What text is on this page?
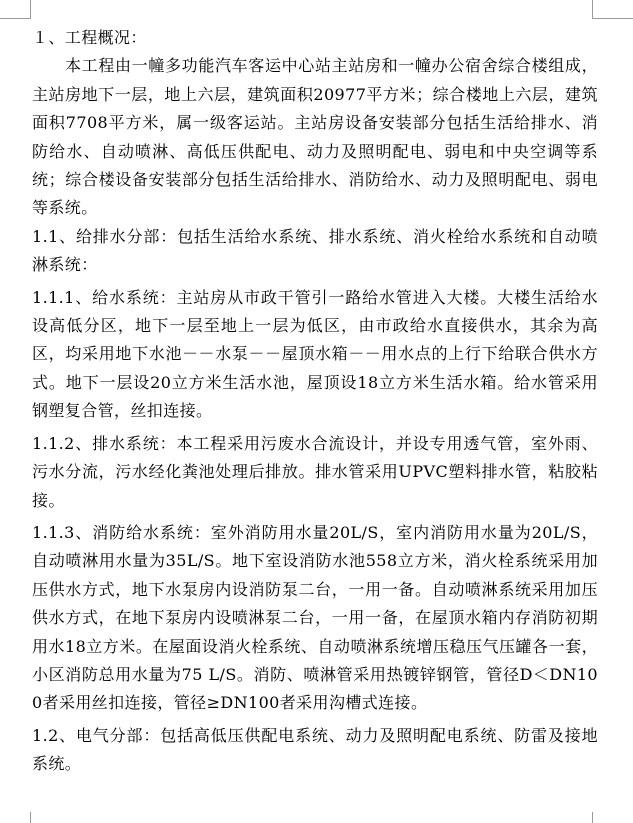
１、工程概况：

本工程由一幢多功能汽车客运中心站主站房和一幢办公宿舍综合楼组成，主站房地下一层，地上六层，建筑面积20977平方米；综合楼地上六层，建筑面积7708平方米，属一级客运站。主站房设备安装部分包括生活给排水、消防给水、自动喷淋、高低压供配电、动力及照明配电、弱电和中央空调等系统；综合楼设备安装部分包括生活给排水、消防给水、动力及照明配电、弱电等系统。

1.1、给排水分部：包括生活给水系统、排水系统、消火栓给水系统和自动喷淋系统：

1.1.1、给水系统：主站房从市政干管引一路给水管进入大楼。大楼生活给水设高低分区，地下一层至地上一层为低区，由市政给水直接供水，其余为高区，均采用地下水池－－水泵－－屋顶水箱－－用水点的上行下给联合供水方式。地下一层设20立方米生活水池，屋顶设18立方米生活水箱。给水管采用钢塑复合管，丝扣连接。

1.1.2、排水系统：本工程采用污废水合流设计，并设专用透气管，室外雨、污水分流，污水经化粪池处理后排放。排水管采用UPVC塑料排水管，粘胶粘接。

1.1.3、消防给水系统：室外消防用水量20L/S，室内消防用水量为20L/S，自动喷淋用水量为35L/S。地下室设消防水池558立方米，消火栓系统采用加压供水方式，地下水泵房内设消防泵二台，一用一备。自动喷淋系统采用加压供水方式，在地下泵房内设喷淋泵二台，一用一备，在屋顶水箱内存消防初期用水18立方米。在屋面设消火栓系统、自动喷淋系统增压稳压气压罐各一套，小区消防总用水量为75 L/S。消防、喷淋管采用热镀锌钢管，管径D＜DN100者采用丝扣连接，管径≥DN100者采用沟槽式连接。

1.2、电气分部：包括高低压供配电系统、动力及照明配电系统、防雷及接地系统。
